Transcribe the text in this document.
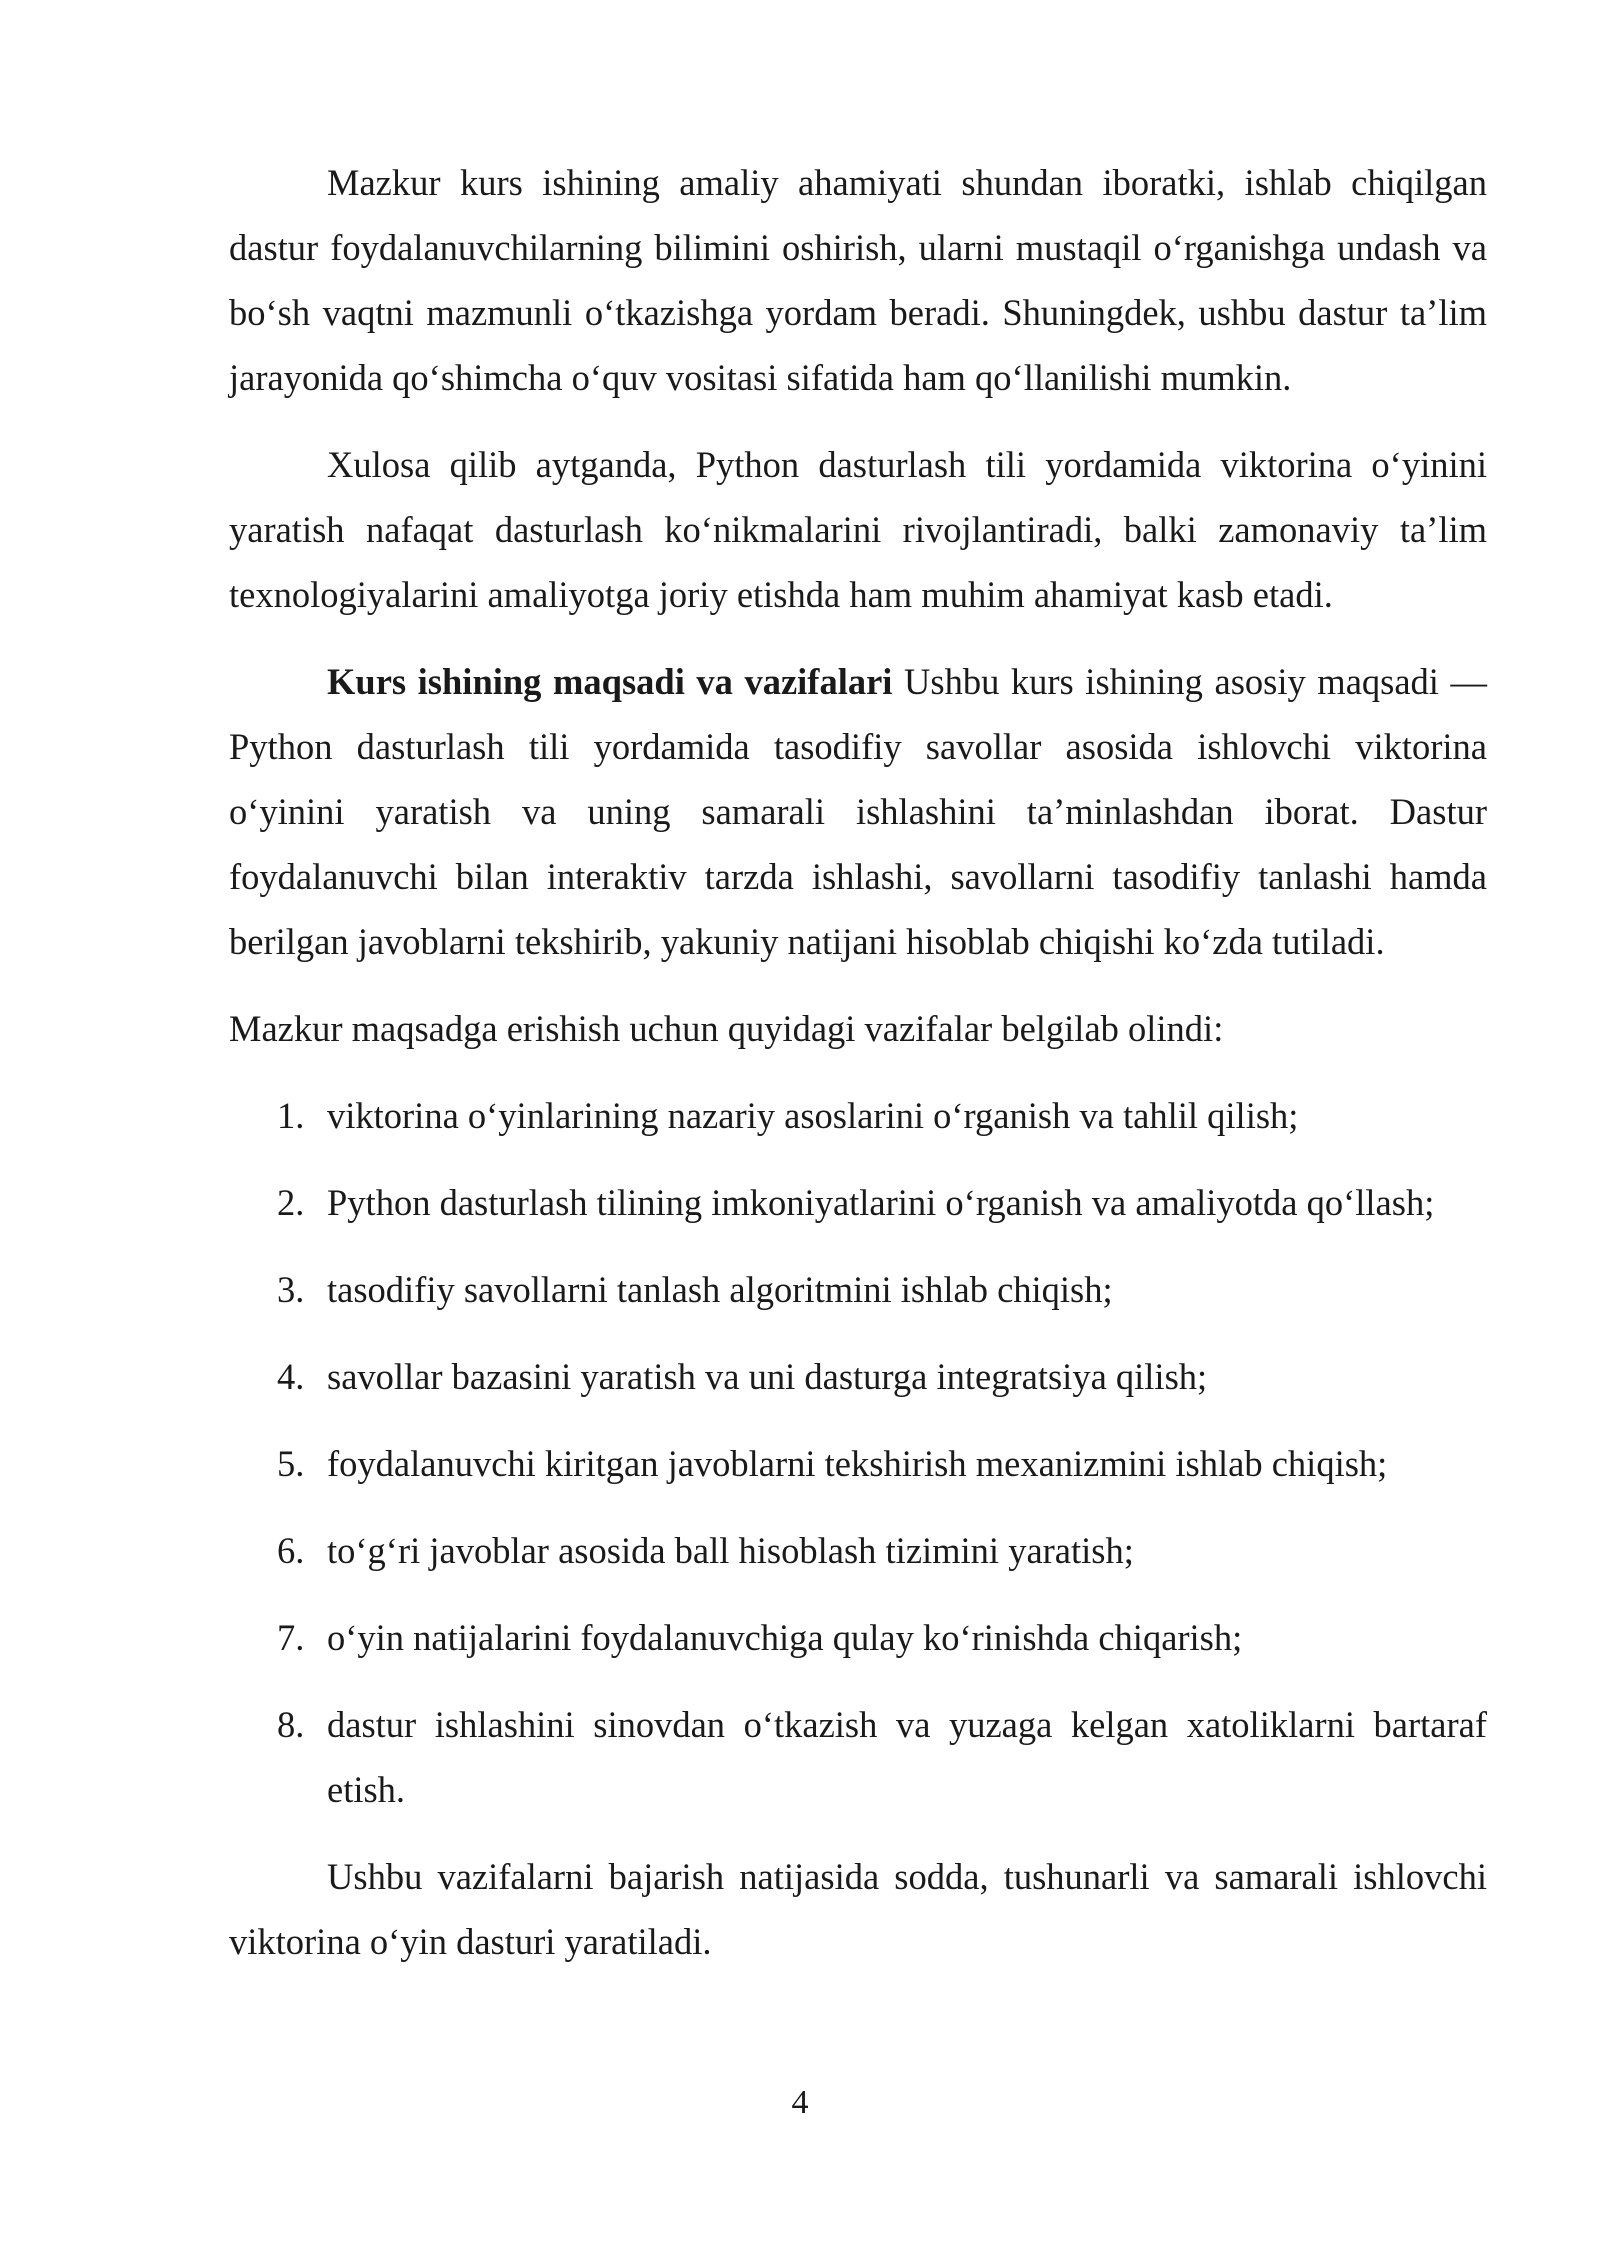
Mazkur kurs ishining amaliy ahamiyati shundan iboratki, ishlab chiqilgan dastur foydalanuvchilarning bilimini oshirish, ularni mustaqil o‘rganishga undash va bo‘sh vaqtni mazmunli o‘tkazishga yordam beradi. Shuningdek, ushbu dastur ta’lim jarayonida qo‘shimcha o‘quv vositasi sifatida ham qo‘llanilishi mumkin.

Xulosa qilib aytganda, Python dasturlash tili yordamida viktorina o‘yinini yaratish nafaqat dasturlash ko‘nikmalarini rivojlantiradi, balki zamonaviy ta’lim texnologiyalarini amaliyotga joriy etishda ham muhim ahamiyat kasb etadi.

Kurs ishining maqsadi va vazifalari Ushbu kurs ishining asosiy maqsadi — Python dasturlash tili yordamida tasodifiy savollar asosida ishlovchi viktorina o‘yinini yaratish va uning samarali ishlashini ta’minlashdan iborat. Dastur foydalanuvchi bilan interaktiv tarzda ishlashi, savollarni tasodifiy tanlashi hamda berilgan javoblarni tekshirib, yakuniy natijani hisoblab chiqishi ko‘zda tutiladi.

Mazkur maqsadga erishish uchun quyidagi vazifalar belgilab olindi:

1. viktorina o‘yinlarining nazariy asoslarini o‘rganish va tahlil qilish;
2. Python dasturlash tilining imkoniyatlarini o‘rganish va amaliyotda qo‘llash;
3. tasodifiy savollarni tanlash algoritmini ishlab chiqish;
4. savollar bazasini yaratish va uni dasturga integratsiya qilish;
5. foydalanuvchi kiritgan javoblarni tekshirish mexanizmini ishlab chiqish;
6. to‘g‘ri javoblar asosida ball hisoblash tizimini yaratish;
7. o‘yin natijalarini foydalanuvchiga qulay ko‘rinishda chiqarish;
8. dastur ishlashini sinovdan o‘tkazish va yuzaga kelgan xatoliklarni bartaraf etish.

Ushbu vazifalarni bajarish natijasida sodda, tushunarli va samarali ishlovchi viktorina o‘yin dasturi yaratiladi.

4
